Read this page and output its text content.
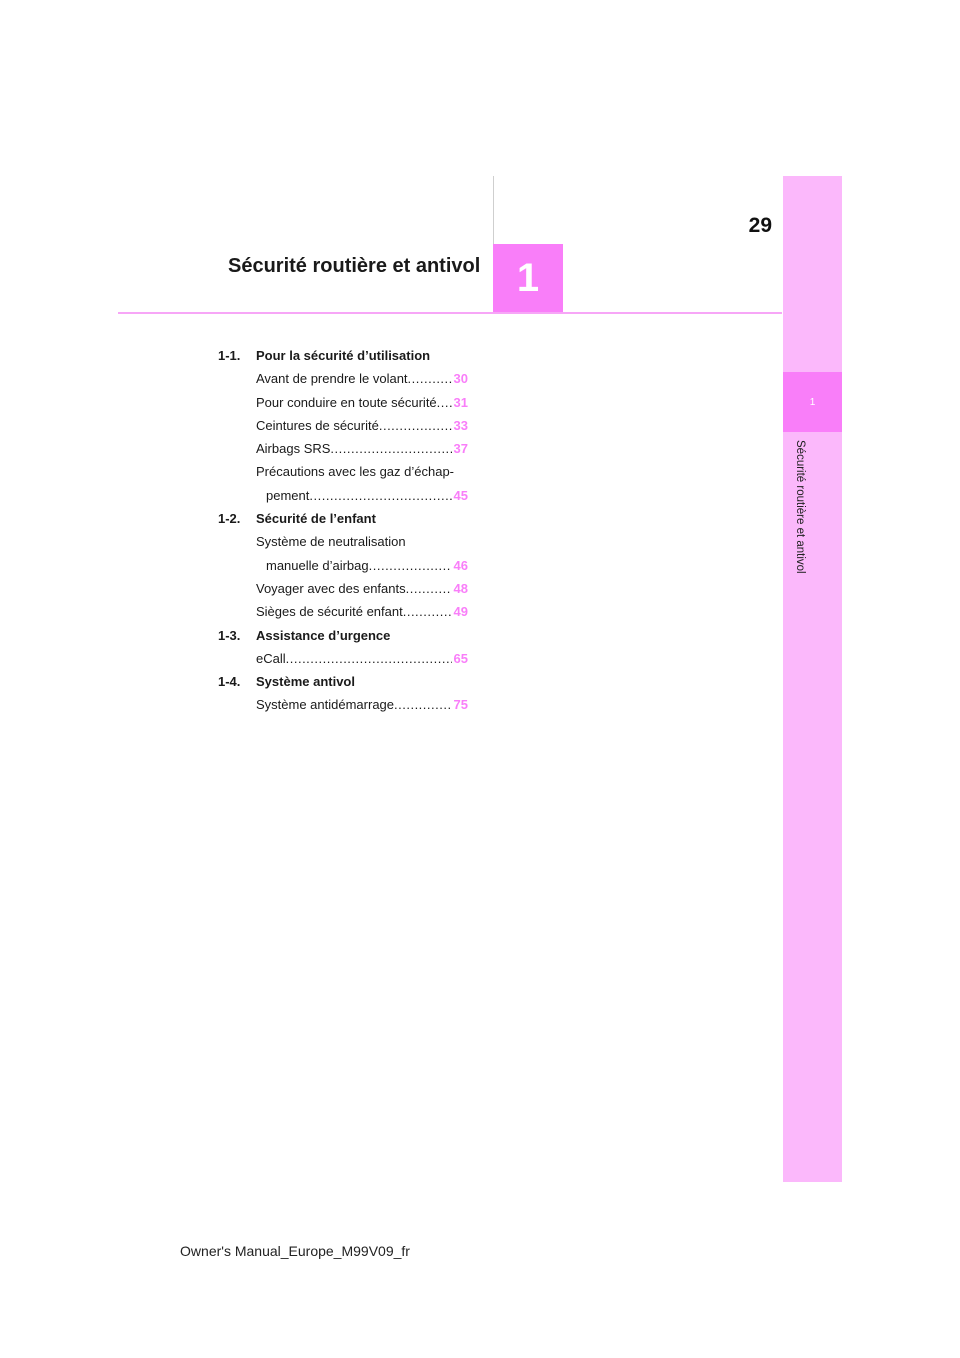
29
Sécurité routière et antivol 1
1
Sécurité routière et antivol
1-1. Pour la sécurité d’utilisation
Avant de prendre le volant .....	30
Pour conduire en toute sécurité ..... 31
Ceintures de sécurité .....	33
Airbags SRS .....	37
Précautions avec les gaz d’échap-
pement .....	45
1-2. Sécurité de l’enfant
Système de neutralisation
manuelle d’airbag .....	46
Voyager avec des enfants .....	48
Sièges de sécurité enfant .....	49
1-3. Assistance d’urgence
eCall .....	65
1-4. Système antivol
Système antidémarrage .....	75
Owner's Manual_Europe_M99V09_fr
